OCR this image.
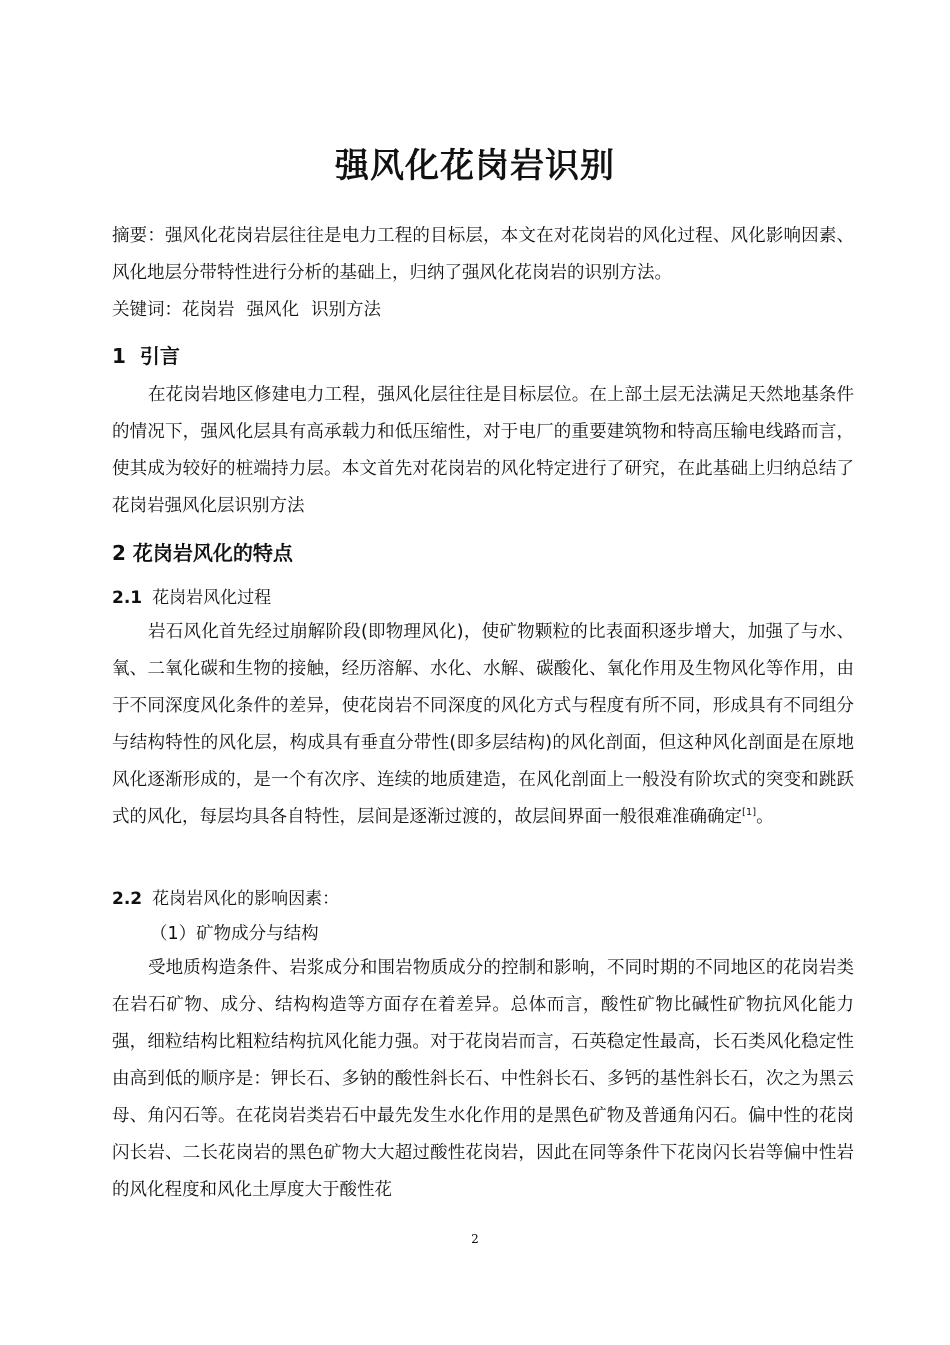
强风化花岗岩识别
摘要：强风化花岗岩层往往是电力工程的目标层，本文在对花岗岩的风化过程、风化影响因素、风化地层分带特性进行分析的基础上，归纳了强风化花岗岩的识别方法。
关键词：花岗岩 强风化 识别方法
1 引言
在花岗岩地区修建电力工程，强风化层往往是目标层位。在上部土层无法满足天然地基条件的情况下，强风化层具有高承载力和低压缩性，对于电厂的重要建筑物和特高压输电线路而言，使其成为较好的桩端持力层。本文首先对花岗岩的风化特定进行了研究，在此基础上归纳总结了花岗岩强风化层识别方法
2 花岗岩风化的特点
2.1 花岗岩风化过程
岩石风化首先经过崩解阶段(即物理风化)，使矿物颗粒的比表面积逐步增大，加强了与水、氧、二氧化碳和生物的接触，经历溶解、水化、水解、碳酸化、氧化作用及生物风化等作用，由于不同深度风化条件的差异，使花岗岩不同深度的风化方式与程度有所不同，形成具有不同组分与结构特性的风化层，构成具有垂直分带性(即多层结构)的风化剖面，但这种风化剖面是在原地风化逐渐形成的，是一个有次序、连续的地质建造，在风化剖面上一般没有阶坎式的突变和跳跃式的风化，每层均具各自特性，层间是逐渐过渡的，故层间界面一般很难准确确定[1]。
2.2 花岗岩风化的影响因素：
（1）矿物成分与结构
受地质构造条件、岩浆成分和围岩物质成分的控制和影响，不同时期的不同地区的花岗岩类在岩石矿物、成分、结构构造等方面存在着差异。总体而言，酸性矿物比碱性矿物抗风化能力强，细粒结构比粗粒结构抗风化能力强。对于花岗岩而言，石英稳定性最高，长石类风化稳定性由高到低的顺序是：钾长石、多钠的酸性斜长石、中性斜长石、多钙的基性斜长石，次之为黑云母、角闪石等。在花岗岩类岩石中最先发生水化作用的是黑色矿物及普通角闪石。偏中性的花岗闪长岩、二长花岗岩的黑色矿物大大超过酸性花岗岩，因此在同等条件下花岗闪长岩等偏中性岩的风化程度和风化土厚度大于酸性花
2
